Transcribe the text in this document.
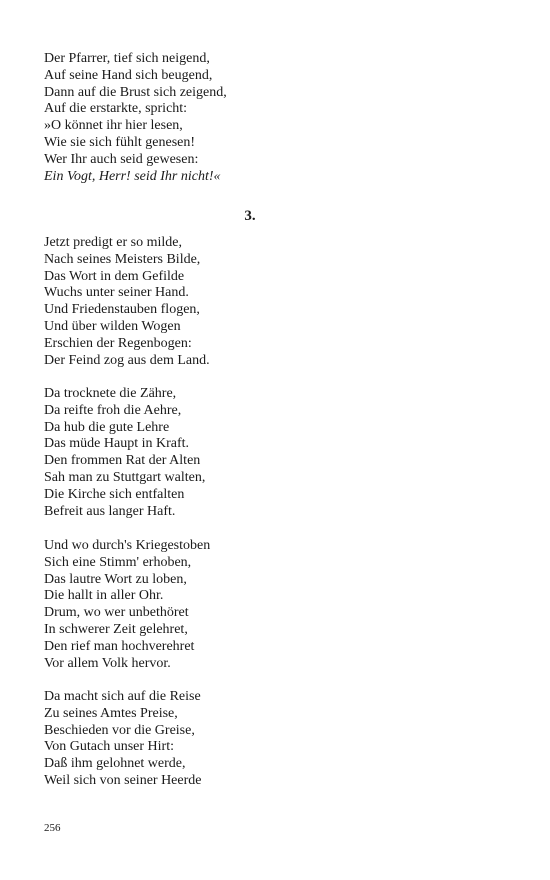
Der Pfarrer, tief sich neigend,
Auf seine Hand sich beugend,
Dann auf die Brust sich zeigend,
Auf die erstarkte, spricht:
»O könnet ihr hier lesen,
Wie sie sich fühlt genesen!
Wer Ihr auch seid gewesen:
Ein Vogt, Herr! seid Ihr nicht!«
3.
Jetzt predigt er so milde,
Nach seines Meisters Bilde,
Das Wort in dem Gefilde
Wuchs unter seiner Hand.
Und Friedenstauben flogen,
Und über wilden Wogen
Erschien der Regenbogen:
Der Feind zog aus dem Land.
Da trocknete die Zähre,
Da reifte froh die Aehre,
Da hub die gute Lehre
Das müde Haupt in Kraft.
Den frommen Rat der Alten
Sah man zu Stuttgart walten,
Die Kirche sich entfalten
Befreit aus langer Haft.
Und wo durch's Kriegestoben
Sich eine Stimm' erhoben,
Das lautre Wort zu loben,
Die hallt in aller Ohr.
Drum, wo wer unbethöret
In schwerer Zeit gelehret,
Den rief man hochverehret
Vor allem Volk hervor.
Da macht sich auf die Reise
Zu seines Amtes Preise,
Beschieden vor die Greise,
Von Gutach unser Hirt:
Daß ihm gelohnet werde,
Weil sich von seiner Heerde
256
